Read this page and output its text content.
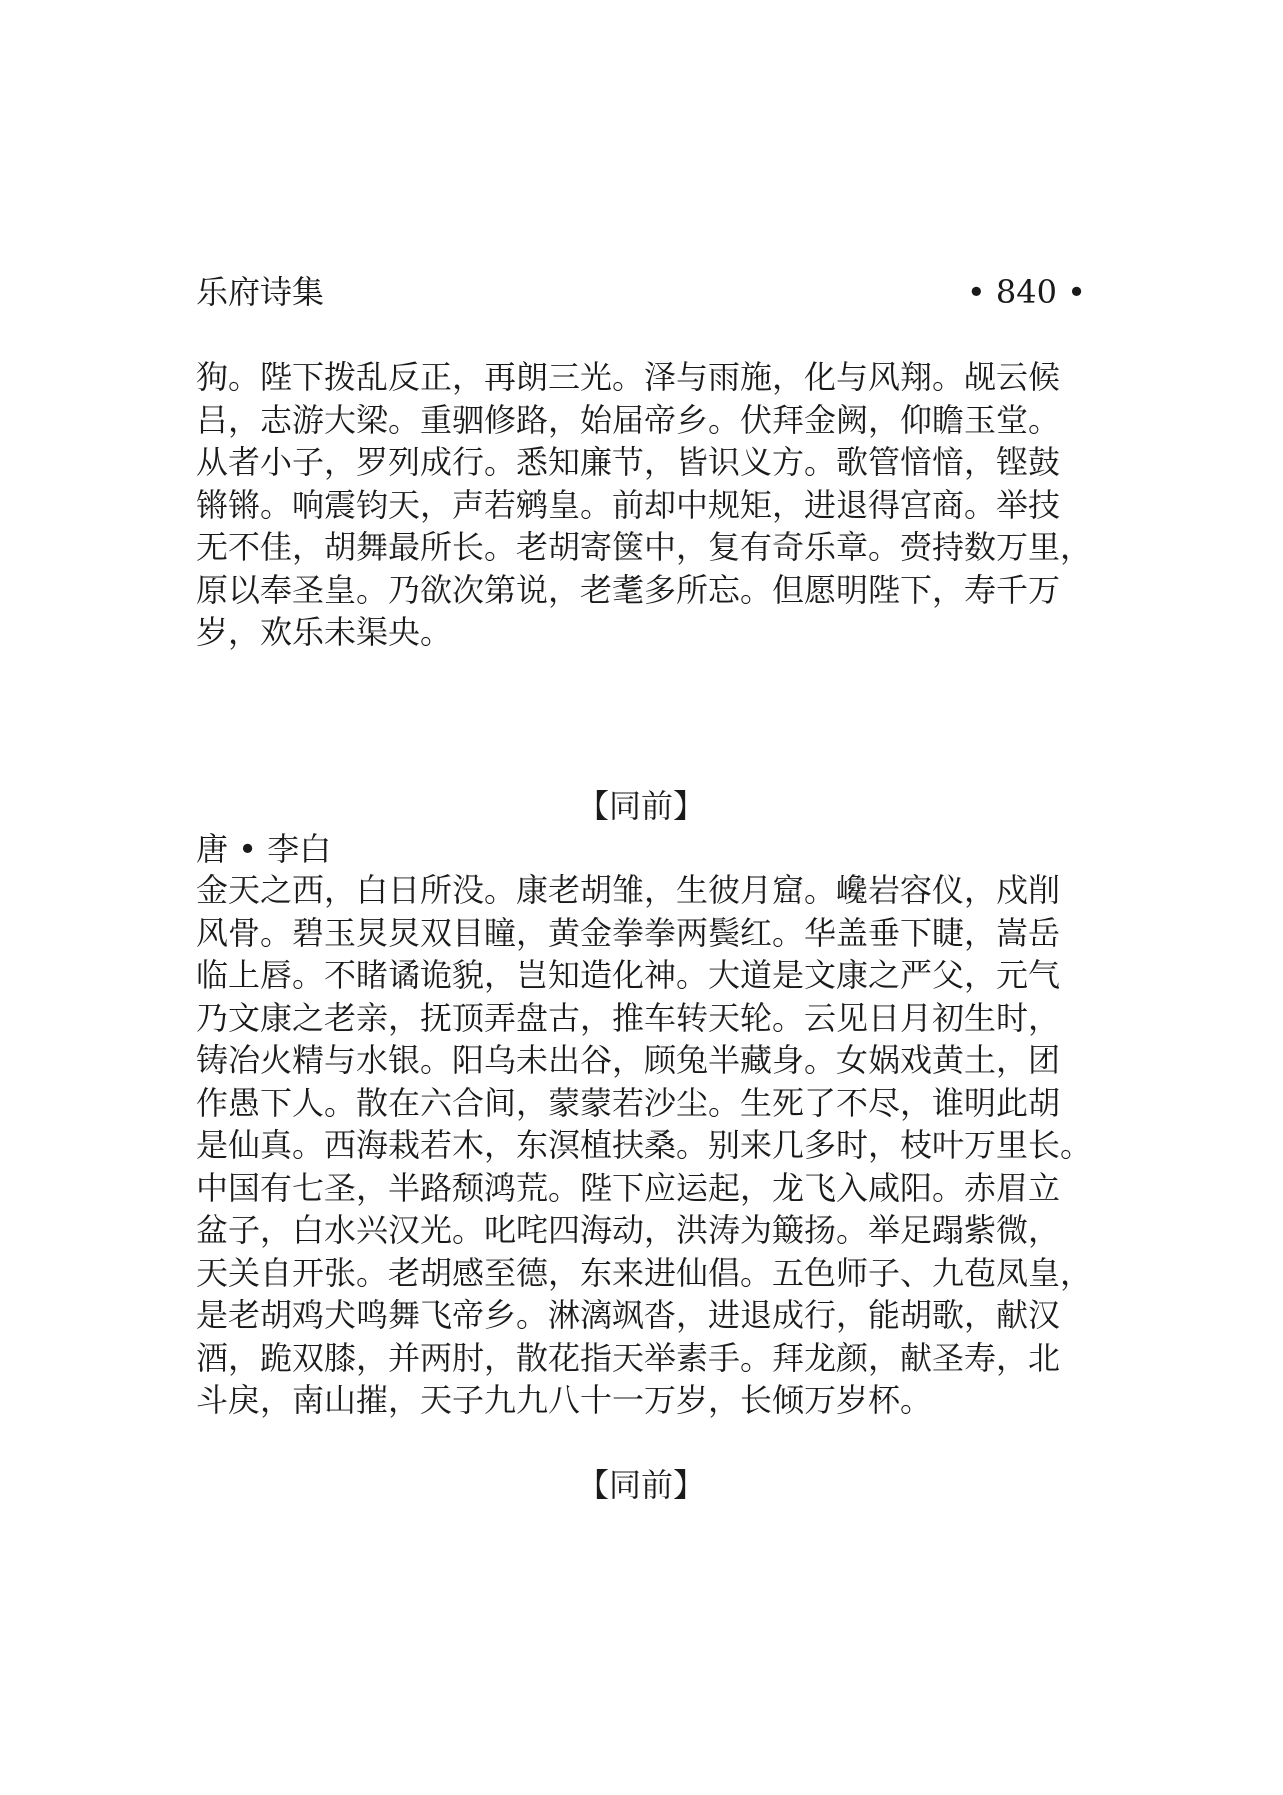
乐府诗集	• 840 •

狗。陛下拨乱反正，再朗三光。泽与雨施，化与风翔。觇云候
吕，志游大梁。重驷修路，始届帝乡。伏拜金阙，仰瞻玉堂。
从者小子，罗列成行。悉知廉节，皆识义方。歌管愔愔，铿鼓
锵锵。响震钧天，声若鹓皇。前却中规矩，进退得宫商。举技
无不佳，胡舞最所长。老胡寄箧中，复有奇乐章。赍持数万里，
原以奉圣皇。乃欲次第说，老耄多所忘。但愿明陛下，寿千万
岁，欢乐未渠央。

【同前】
唐 • 李白

金天之西，白日所没。康老胡雏，生彼月窟。巉岩容仪，戍削
风骨。碧玉炅炅双目瞳，黄金拳拳两鬓红。华盖垂下睫，嵩岳
临上唇。不睹谲诡貌，岂知造化神。大道是文康之严父，元气
乃文康之老亲，抚顶弄盘古，推车转天轮。云见日月初生时，
铸冶火精与水银。阳乌未出谷，顾兔半藏身。女娲戏黄土，团
作愚下人。散在六合间，蒙蒙若沙尘。生死了不尽，谁明此胡
是仙真。西海栽若木，东溟植扶桑。别来几多时，枝叶万里长。
中国有七圣，半路颓鸿荒。陛下应运起，龙飞入咸阳。赤眉立
盆子，白水兴汉光。叱咤四海动，洪涛为簸扬。举足蹋紫微，
天关自开张。老胡感至德，东来进仙倡。五色师子、九苞凤皇，
是老胡鸡犬鸣舞飞帝乡。淋漓飒沓，进退成行，能胡歌，献汉
酒，跪双膝，并两肘，散花指天举素手。拜龙颜，献圣寿，北
斗戾，南山摧，天子九九八十一万岁，长倾万岁杯。

【同前】
